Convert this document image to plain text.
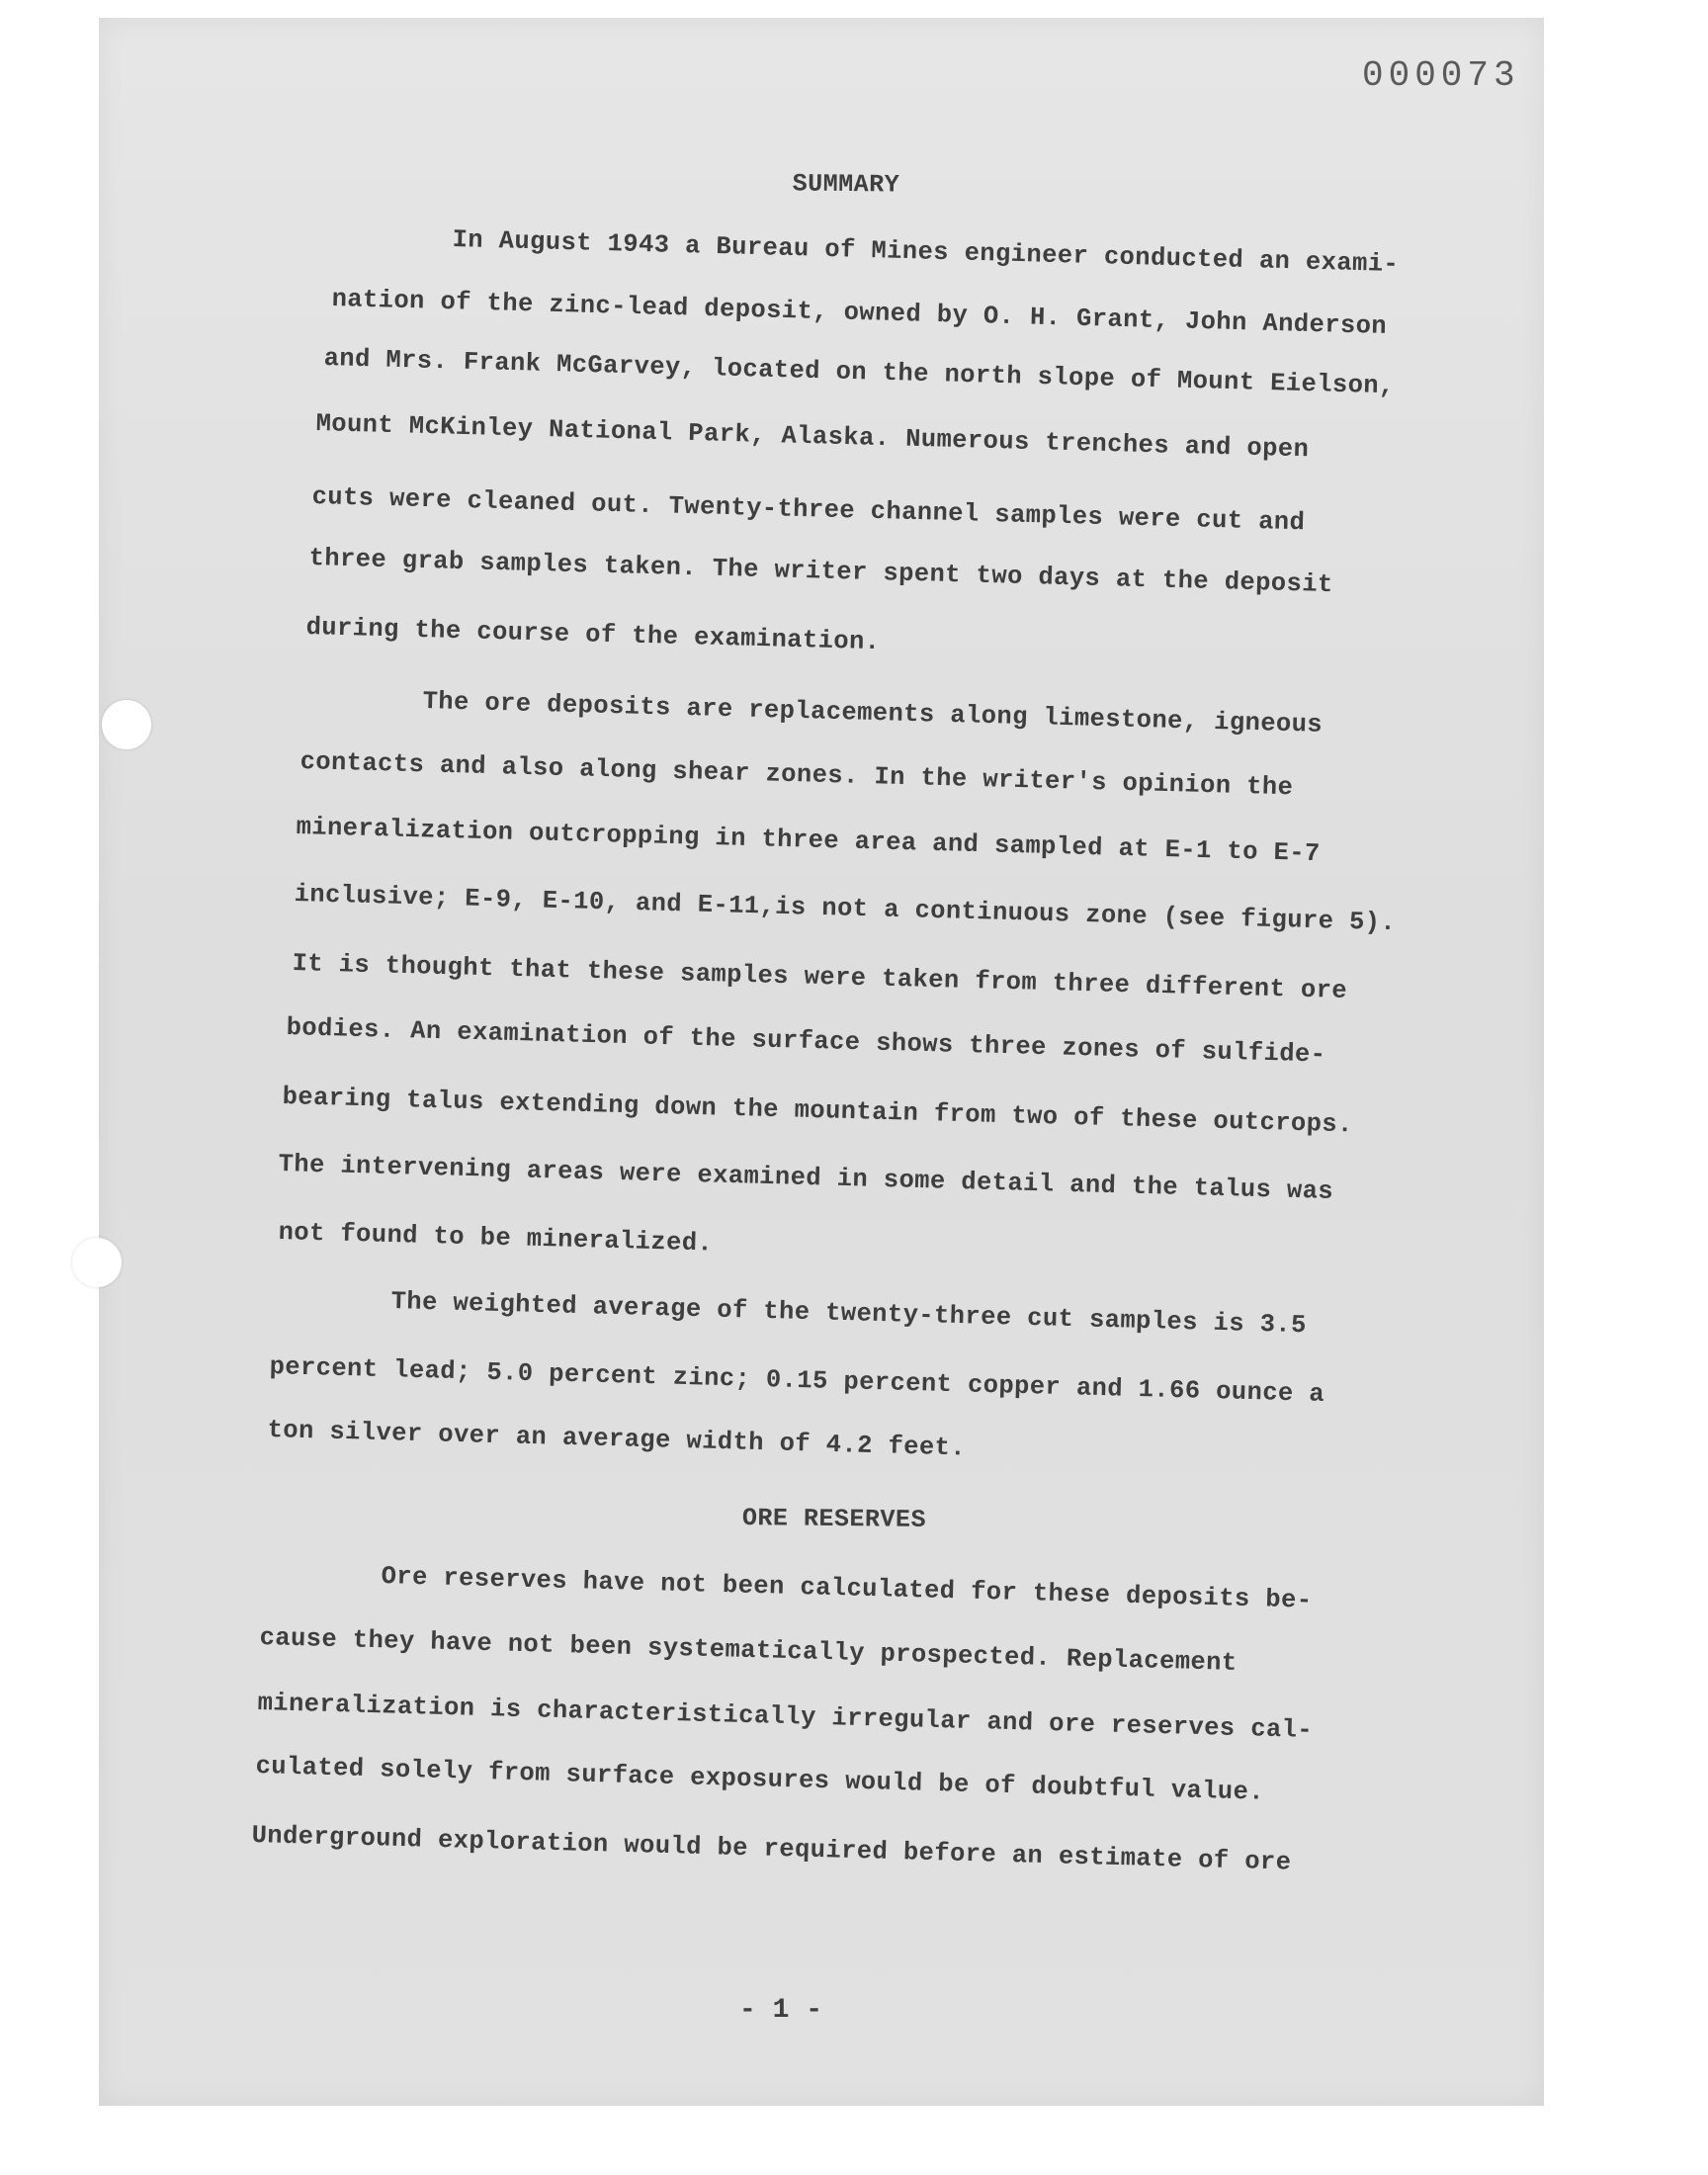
000073
SUMMARY
In August 1943 a Bureau of Mines engineer conducted an exami-
nation of the zinc-lead deposit, owned by O. H. Grant, John Anderson
and Mrs. Frank McGarvey, located on the north slope of Mount Eielson,
Mount McKinley National Park, Alaska. Numerous trenches and open
cuts were cleaned out. Twenty-three channel samples were cut and
three grab samples taken. The writer spent two days at the deposit
during the course of the examination.
The ore deposits are replacements along limestone, igneous
contacts and also along shear zones. In the writer's opinion the
mineralization outcropping in three area and sampled at E-1 to E-7
inclusive; E-9, E-10, and E-11,is not a continuous zone (see figure 5).
It is thought that these samples were taken from three different ore
bodies. An examination of the surface shows three zones of sulfide-
bearing talus extending down the mountain from two of these outcrops.
The intervening areas were examined in some detail and the talus was
not found to be mineralized.
The weighted average of the twenty-three cut samples is 3.5
percent lead; 5.0 percent zinc; 0.15 percent copper and 1.66 ounce a
ton silver over an average width of 4.2 feet.
ORE RESERVES
Ore reserves have not been calculated for these deposits be-
cause they have not been systematically prospected. Replacement
mineralization is characteristically irregular and ore reserves cal-
culated solely from surface exposures would be of doubtful value.
Underground exploration would be required before an estimate of ore
- 1 -
